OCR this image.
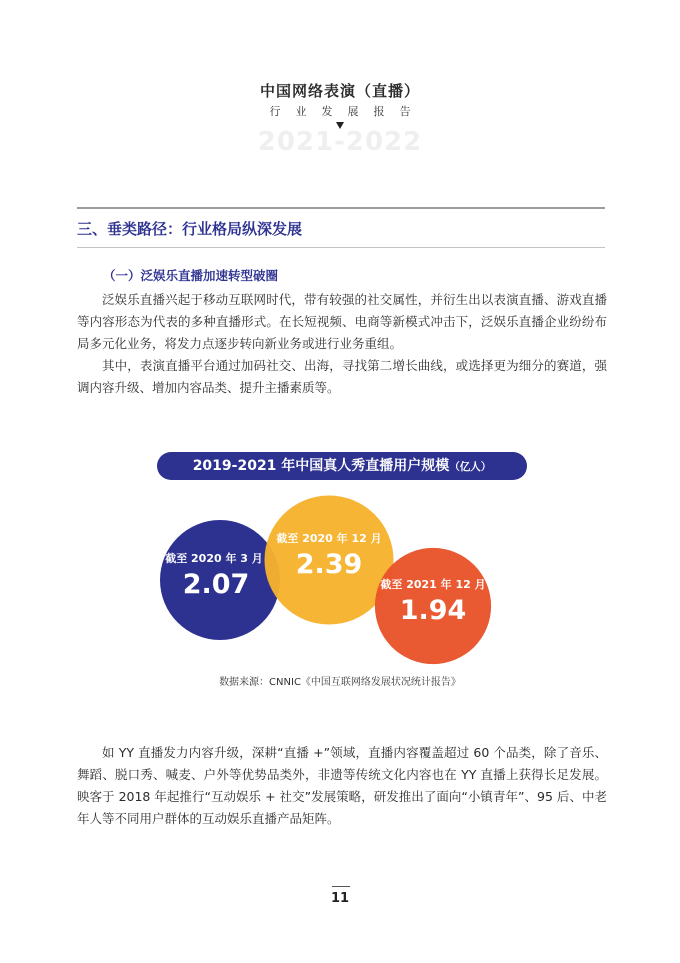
中国网络表演（直播）
行业发展报告
2021-2022
三、垂类路径：行业格局纵深发展
（一）泛娱乐直播加速转型破圈

泛娱乐直播兴起于移动互联网时代，带有较强的社交属性，并衍生出以表演直播、游戏直播等内容形态为代表的多种直播形式。在长短视频、电商等新模式冲击下，泛娱乐直播企业纷纷布局多元化业务，将发力点逐步转向新业务或进行业务重组。

其中，表演直播平台通过加码社交、出海，寻找第二增长曲线，或选择更为细分的赛道，强调内容升级、增加内容品类、提升主播素质等。

2019-2021 年中国真人秀直播用户规模（亿人）
截至 2020 年 3 月
2.07
截至 2020 年 12 月
2.39
截至 2021 年 12 月
1.94
数据来源：CNNIC《中国互联网络发展状况统计报告》

如 YY 直播发力内容升级，深耕“直播 +”领域，直播内容覆盖超过 60 个品类，除了音乐、舞蹈、脱口秀、喊麦、户外等优势品类外，非遗等传统文化内容也在 YY 直播上获得长足发展。映客于 2018 年起推行“互动娱乐 + 社交”发展策略，研发推出了面向“小镇青年”、95 后、中老年人等不同用户群体的互动娱乐直播产品矩阵。

11
